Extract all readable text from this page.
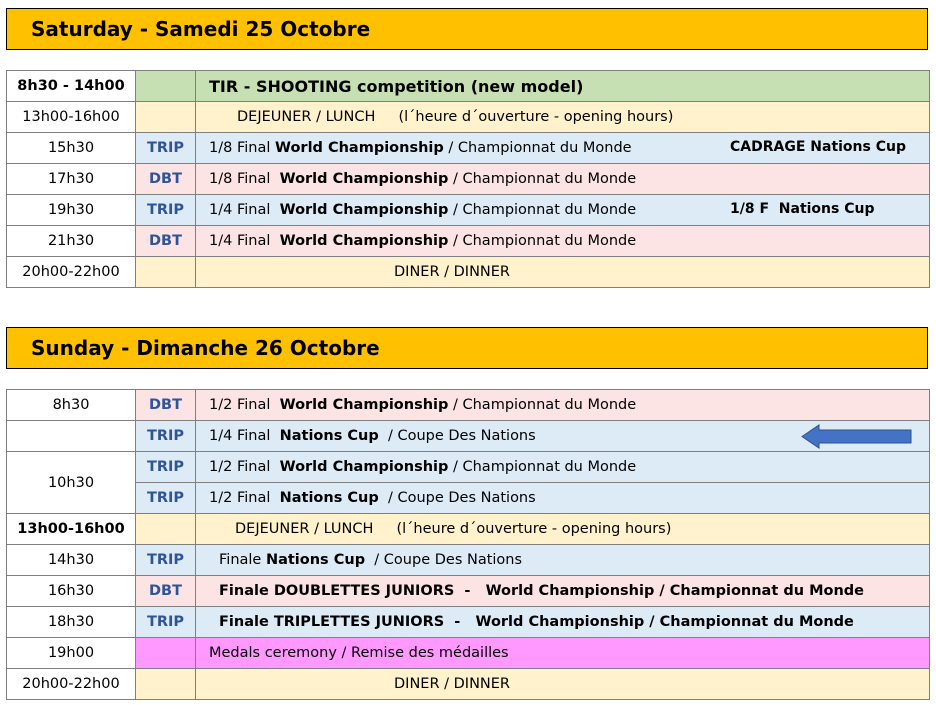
Saturday - Samedi 25 Octobre
8h30 - 14h00		TIR - SHOOTING competition (new model)
13h00-16h00		DEJEUNER / LUNCH     (l´heure d´ouverture - opening hours)
15h30	TRIP	1/8 Final World Championship / Championnat du Monde CADRAGE Nations Cup

17h30	DBT	1/8 Final  World Championship / Championnat du Monde
19h30	TRIP	1/4 Final  World Championship / Championnat du Monde 1/8 F  Nations Cup

21h30	DBT	1/4 Final  World Championship / Championnat du Monde
20h00-22h00		DINER / DINNER
Sunday - Dimanche 26 Octobre
8h30	DBT	1/2 Final  World Championship / Championnat du Monde
	TRIP	1/4 Final  Nations Cup  / Coupe Des Nations

10h30	TRIP	1/2 Final  World Championship / Championnat du Monde
	TRIP	1/2 Final  Nations Cup  / Coupe Des Nations
13h00-16h00		DEJEUNER / LUNCH     (l´heure d´ouverture - opening hours)
14h30	TRIP	Finale Nations Cup  / Coupe Des Nations
16h30	DBT	Finale DOUBLETTES JUNIORS  -   World Championship / Championnat du Monde
18h30	TRIP	Finale TRIPLETTES JUNIORS  -   World Championship / Championnat du Monde
19h00		Medals ceremony / Remise des médailles
20h00-22h00		DINER / DINNER
